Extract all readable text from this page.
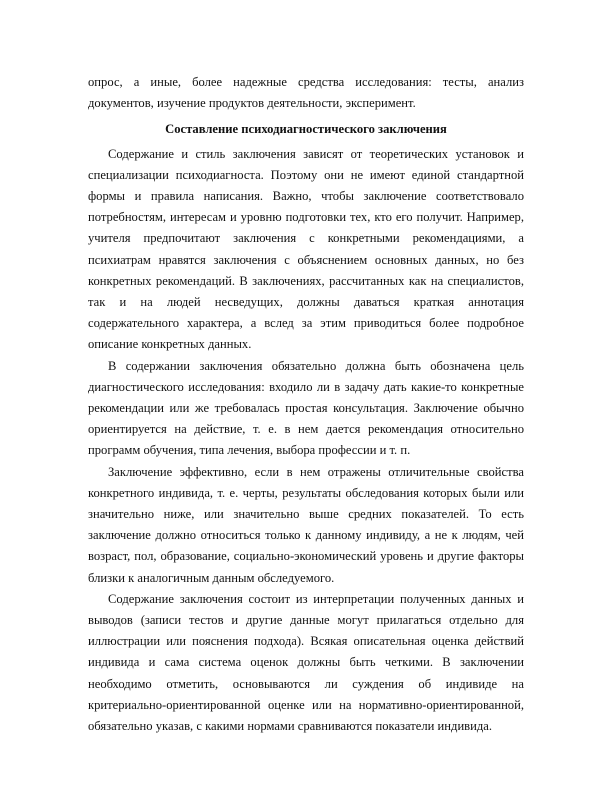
опрос, а иные, более надежные средства исследования: тесты, анализ документов, изучение продуктов деятельности, эксперимент.

Составление психодиагностического заключения

Содержание и стиль заключения зависят от теоретических установок и специализации психодиагноста. Поэтому они не имеют единой стандартной формы и правила написания. Важно, чтобы заключение соответствовало потребностям, интересам и уровню подготовки тех, кто его получит. Например, учителя предпочитают заключения с конкретными рекомендациями, а психиатрам нравятся заключения с объяснением основных данных, но без конкретных рекомендаций. В заключениях, рассчитанных как на специалистов, так и на людей несведущих, должны даваться краткая аннотация содержательного характера, а вслед за этим приводиться более подробное описание конкретных данных.

В содержании заключения обязательно должна быть обозначена цель диагностического исследования: входило ли в задачу дать какие-то конкретные рекомендации или же требовалась простая консультация. Заключение обычно ориентируется на действие, т. е. в нем дается рекомендация относительно программ обучения, типа лечения, выбора профессии и т. п.

Заключение эффективно, если в нем отражены отличительные свойства конкретного индивида, т. е. черты, результаты обследования которых были или значительно ниже, или значительно выше средних показателей. То есть заключение должно относиться только к данному индивиду, а не к людям, чей возраст, пол, образование, социально-экономический уровень и другие факторы близки к аналогичным данным обследуемого.

Содержание заключения состоит из интерпретации полученных данных и выводов (записи тестов и другие данные могут прилагаться отдельно для иллюстрации или пояснения подхода). Всякая описательная оценка действий индивида и сама система оценок должны быть четкими. В заключении необходимо отметить, основываются ли суждения об индивиде на критериально-ориентированной оценке или на нормативно-ориентированной, обязательно указав, с какими нормами сравниваются показатели индивида.
